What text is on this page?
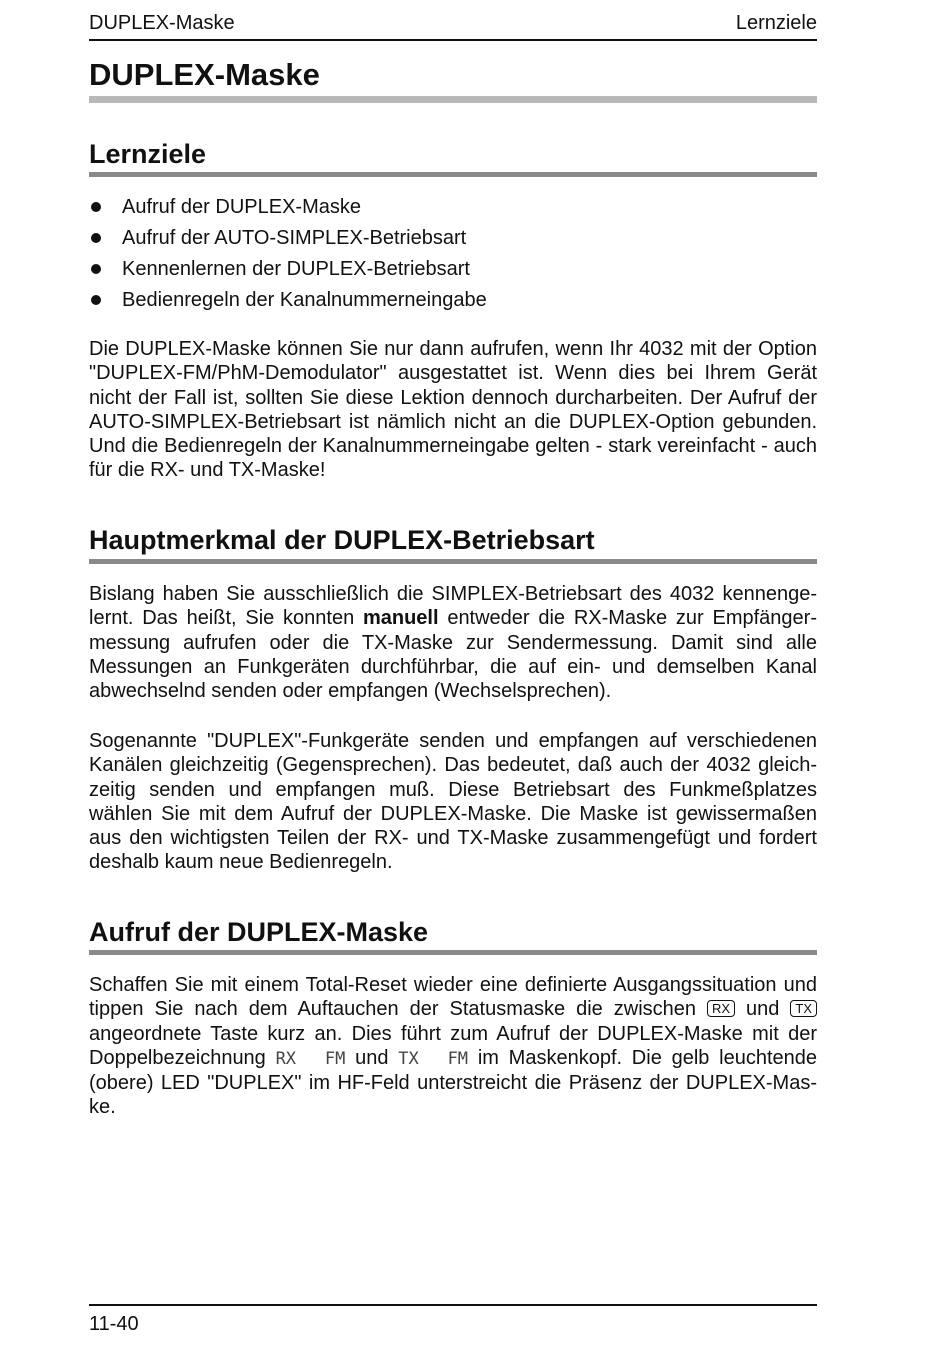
DUPLEX-Maske	Lernziele
DUPLEX-Maske
Lernziele
Aufruf der DUPLEX-Maske
Aufruf der AUTO-SIMPLEX-Betriebsart
Kennenlernen der DUPLEX-Betriebsart
Bedienregeln der Kanalnummerneingabe

Die DUPLEX-Maske können Sie nur dann aufrufen, wenn Ihr 4032 mit der Option "DUPLEX-FM/PhM-Demodulator" ausgestattet ist. Wenn dies bei Ihrem Gerät nicht der Fall ist, sollten Sie diese Lektion dennoch durcharbeiten. Der Aufruf der AUTO-SIMPLEX-Betriebsart ist nämlich nicht an die DUPLEX-Option gebunden. Und die Bedienregeln der Kanalnummerneingabe gelten - stark vereinfacht - auch für die RX- und TX-Maske!

Hauptmerkmal der DUPLEX-Betriebsart

Bislang haben Sie ausschließlich die SIMPLEX-Betriebsart des 4032 kennengelernt. Das heißt, Sie konnten manuell entweder die RX-Maske zur Empfängermessung aufrufen oder die TX-Maske zur Sendermessung. Damit sind alle Messungen an Funkgeräten durchführbar, die auf ein- und demselben Kanal abwechselnd senden oder empfangen (Wechselsprechen).

Sogenannte "DUPLEX"-Funkgeräte senden und empfangen auf verschiedenen Kanälen gleichzeitig (Gegensprechen). Das bedeutet, daß auch der 4032 gleichzeitig senden und empfangen muß. Diese Betriebsart des Funkmeßplatzes wählen Sie mit dem Aufruf der DUPLEX-Maske. Die Maske ist gewissermaßen aus den wichtigsten Teilen der RX- und TX-Maske zusammengefügt und fordert deshalb kaum neue Bedienregeln.

Aufruf der DUPLEX-Maske

Schaffen Sie mit einem Total-Reset wieder eine definierte Ausgangssituation und tippen Sie nach dem Auftauchen der Statusmaske die zwischen RX und TX angeordnete Taste kurz an. Dies führt zum Aufruf der DUPLEX-Maske mit der Doppelbezeichnung RX  FM und TX  FM im Maskenkopf. Die gelb leuchtende (obere) LED "DUPLEX" im HF-Feld unterstreicht die Präsenz der DUPLEX-Maske.

11-40
